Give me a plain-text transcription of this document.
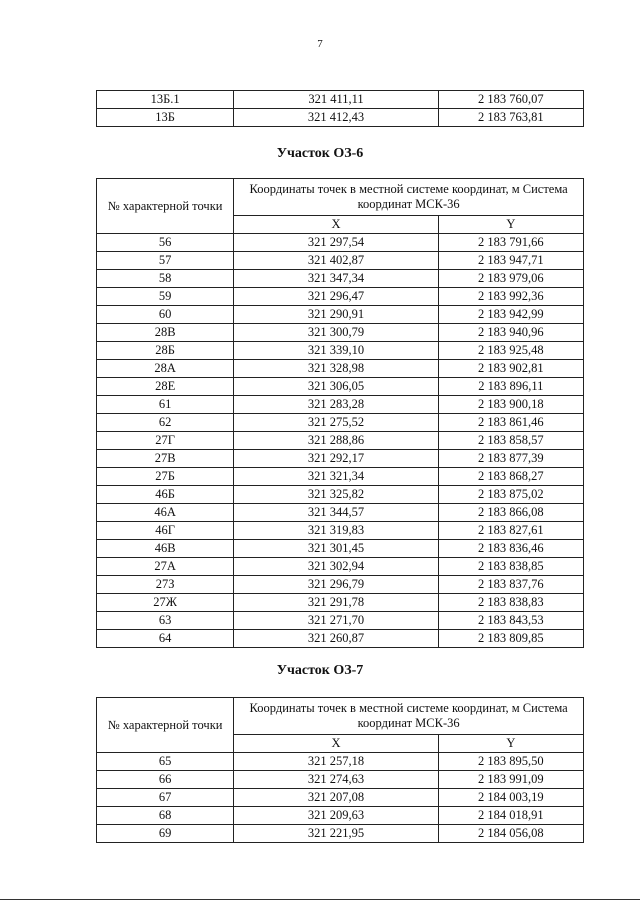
7
13Б.1	321 411,11	2 183 760,07
13Б	321 412,43	2 183 763,81
Участок ОЗ-6
№ характерной точки	Координаты точек в местной системе координат, м Система координат МСК-36	
	X	Y
56	321 297,54	2 183 791,66
57	321 402,87	2 183 947,71
58	321 347,34	2 183 979,06
59	321 296,47	2 183 992,36
60	321 290,91	2 183 942,99
28В	321 300,79	2 183 940,96
28Б	321 339,10	2 183 925,48
28А	321 328,98	2 183 902,81
28Е	321 306,05	2 183 896,11
61	321 283,28	2 183 900,18
62	321 275,52	2 183 861,46
27Г	321 288,86	2 183 858,57
27В	321 292,17	2 183 877,39
27Б	321 321,34	2 183 868,27
46Б	321 325,82	2 183 875,02
46А	321 344,57	2 183 866,08
46Г	321 319,83	2 183 827,61
46В	321 301,45	2 183 836,46
27А	321 302,94	2 183 838,85
27З	321 296,79	2 183 837,76
27Ж	321 291,78	2 183 838,83
63	321 271,70	2 183 843,53
64	321 260,87	2 183 809,85
Участок ОЗ-7
№ характерной точки	Координаты точек в местной системе координат, м Система координат МСК-36	
	X	Y
65	321 257,18	2 183 895,50
66	321 274,63	2 183 991,09
67	321 207,08	2 184 003,19
68	321 209,63	2 184 018,91
69	321 221,95	2 184 056,08
